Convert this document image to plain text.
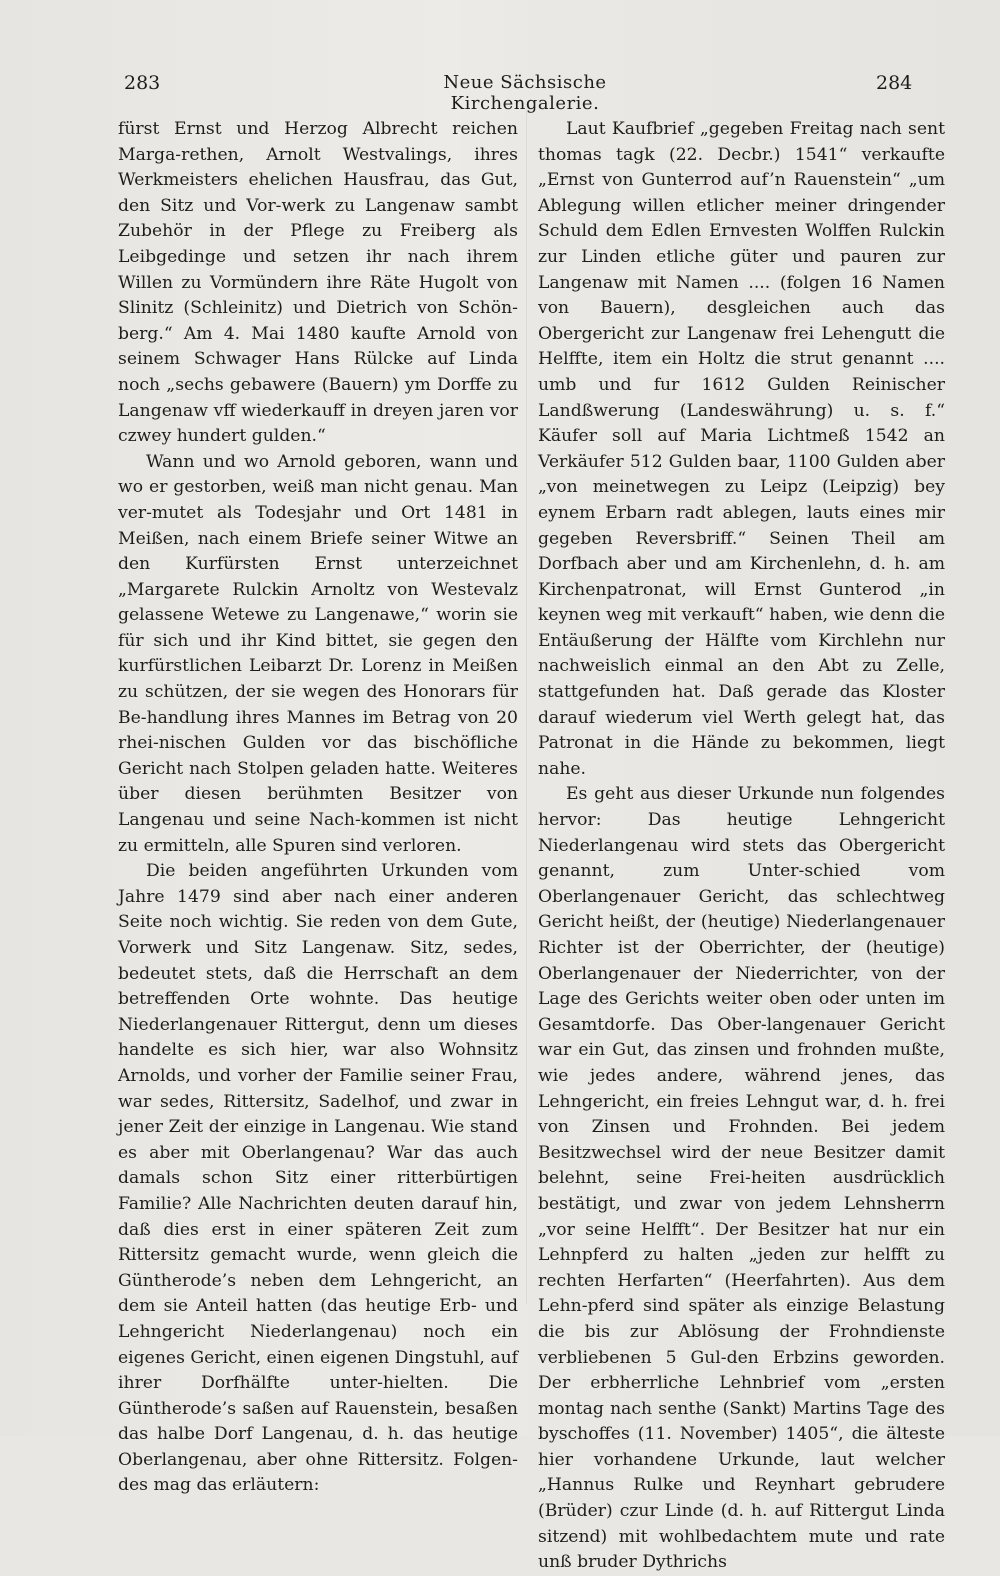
283	Neue Sächsische Kirchengalerie.
284

fürst Ernst und Herzog Albrecht reichen Marga-rethen, Arnolt Westvalings, ihres Werkmeisters ehelichen Hausfrau, das Gut, den Sitz und Vor-werk zu Langenaw sambt Zubehör in der Pflege zu Freiberg als Leibgedinge und setzen ihr nach ihrem Willen zu Vormündern ihre Räte Hugolt von Slinitz (Schleinitz) und Dietrich von Schön-berg.“ Am 4. Mai 1480 kaufte Arnold von seinem Schwager Hans Rülcke auf Linda noch „sechs gebawere (Bauern) ym Dorffe zu Langenaw vff wiederkauff in dreyen jaren vor czwey hundert gulden.“

Wann und wo Arnold geboren, wann und wo er gestorben, weiß man nicht genau. Man ver-mutet als Todesjahr und Ort 1481 in Meißen, nach einem Briefe seiner Witwe an den Kurfürsten Ernst unterzeichnet „Margarete Rulckin Arnoltz von Westevalz gelassene Wetewe zu Langenawe,“ worin sie für sich und ihr Kind bittet, sie gegen den kurfürstlichen Leibarzt Dr. Lorenz in Meißen zu schützen, der sie wegen des Honorars für Be-handlung ihres Mannes im Betrag von 20 rhei-nischen Gulden vor das bischöfliche Gericht nach Stolpen geladen hatte. Weiteres über diesen berühmten Besitzer von Langenau und seine Nach-kommen ist nicht zu ermitteln, alle Spuren sind verloren.

Die beiden angeführten Urkunden vom Jahre 1479 sind aber nach einer anderen Seite noch wichtig. Sie reden von dem Gute, Vorwerk und Sitz Langenaw. Sitz, sedes, bedeutet stets, daß die Herrschaft an dem betreffenden Orte wohnte. Das heutige Niederlangenauer Rittergut, denn um dieses handelte es sich hier, war also Wohnsitz Arnolds, und vorher der Familie seiner Frau, war sedes, Rittersitz, Sadelhof, und zwar in jener Zeit der einzige in Langenau. Wie stand es aber mit Oberlangenau? War das auch damals schon Sitz einer ritterbürtigen Familie? Alle Nachrichten deuten darauf hin, daß dies erst in einer späteren Zeit zum Rittersitz gemacht wurde, wenn gleich die Güntherode’s neben dem Lehngericht, an dem sie Anteil hatten (das heutige Erb- und Lehngericht Niederlangenau) noch ein eigenes Gericht, einen eigenen Dingstuhl, auf ihrer Dorfhälfte unter-hielten. Die Güntherode’s saßen auf Rauenstein, besaßen das halbe Dorf Langenau, d. h. das heutige Oberlangenau, aber ohne Rittersitz. Folgen-des mag das erläutern:

Laut Kaufbrief „gegeben Freitag nach sent thomas tagk (22. Decbr.) 1541“ verkaufte „Ernst von Gunterrod auf’n Rauenstein“ „um Ablegung willen etlicher meiner dringender Schuld dem Edlen Ernvesten Wolffen Rulckin zur Linden etliche güter und pauren zur Langenaw mit Namen .... (folgen 16 Namen von Bauern), desgleichen auch das Obergericht zur Langenaw frei Lehengutt die Helffte, item ein Holtz die strut genannt .... umb und fur 1612 Gulden Reinischer Landßwerung (Landeswährung) u. s. f.“ Käufer soll auf Maria Lichtmeß 1542 an Verkäufer 512 Gulden baar, 1100 Gulden aber „von meinetwegen zu Leipz (Leipzig) bey eynem Erbarn radt ablegen, lauts eines mir gegeben Reversbriff.“ Seinen Theil am Dorfbach aber und am Kirchenlehn, d. h. am Kirchenpatronat, will Ernst Gunterod „in keynen weg mit verkauft“ haben, wie denn die Entäußerung der Hälfte vom Kirchlehn nur nachweislich einmal an den Abt zu Zelle, stattgefunden hat. Daß gerade das Kloster darauf wiederum viel Werth gelegt hat, das Patronat in die Hände zu bekommen, liegt nahe.

Es geht aus dieser Urkunde nun folgendes hervor: Das heutige Lehngericht Niederlangenau wird stets das Obergericht genannt, zum Unter-schied vom Oberlangenauer Gericht, das schlechtweg Gericht heißt, der (heutige) Niederlangenauer Richter ist der Oberrichter, der (heutige) Oberlangenauer der Niederrichter, von der Lage des Gerichts weiter oben oder unten im Gesamtdorfe. Das Ober-langenauer Gericht war ein Gut, das zinsen und frohnden mußte, wie jedes andere, während jenes, das Lehngericht, ein freies Lehngut war, d. h. frei von Zinsen und Frohnden. Bei jedem Besitzwechsel wird der neue Besitzer damit belehnt, seine Frei-heiten ausdrücklich bestätigt, und zwar von jedem Lehnsherrn „vor seine Helfft“. Der Besitzer hat nur ein Lehnpferd zu halten „jeden zur helfft zu rechten Herfarten“ (Heerfahrten). Aus dem Lehn-pferd sind später als einzige Belastung die bis zur Ablösung der Frohndienste verbliebenen 5 Gul-den Erbzins geworden. Der erbherrliche Lehnbrief vom „ersten montag nach senthe (Sankt) Martins Tage des byschoffes (11. November) 1405“, die älteste hier vorhandene Urkunde, laut welcher „Hannus Rulke und Reynhart gebrudere (Brüder) czur Linde (d. h. auf Rittergut Linda sitzend) mit wohlbedachtem mute und rate unß bruder Dythrichs
